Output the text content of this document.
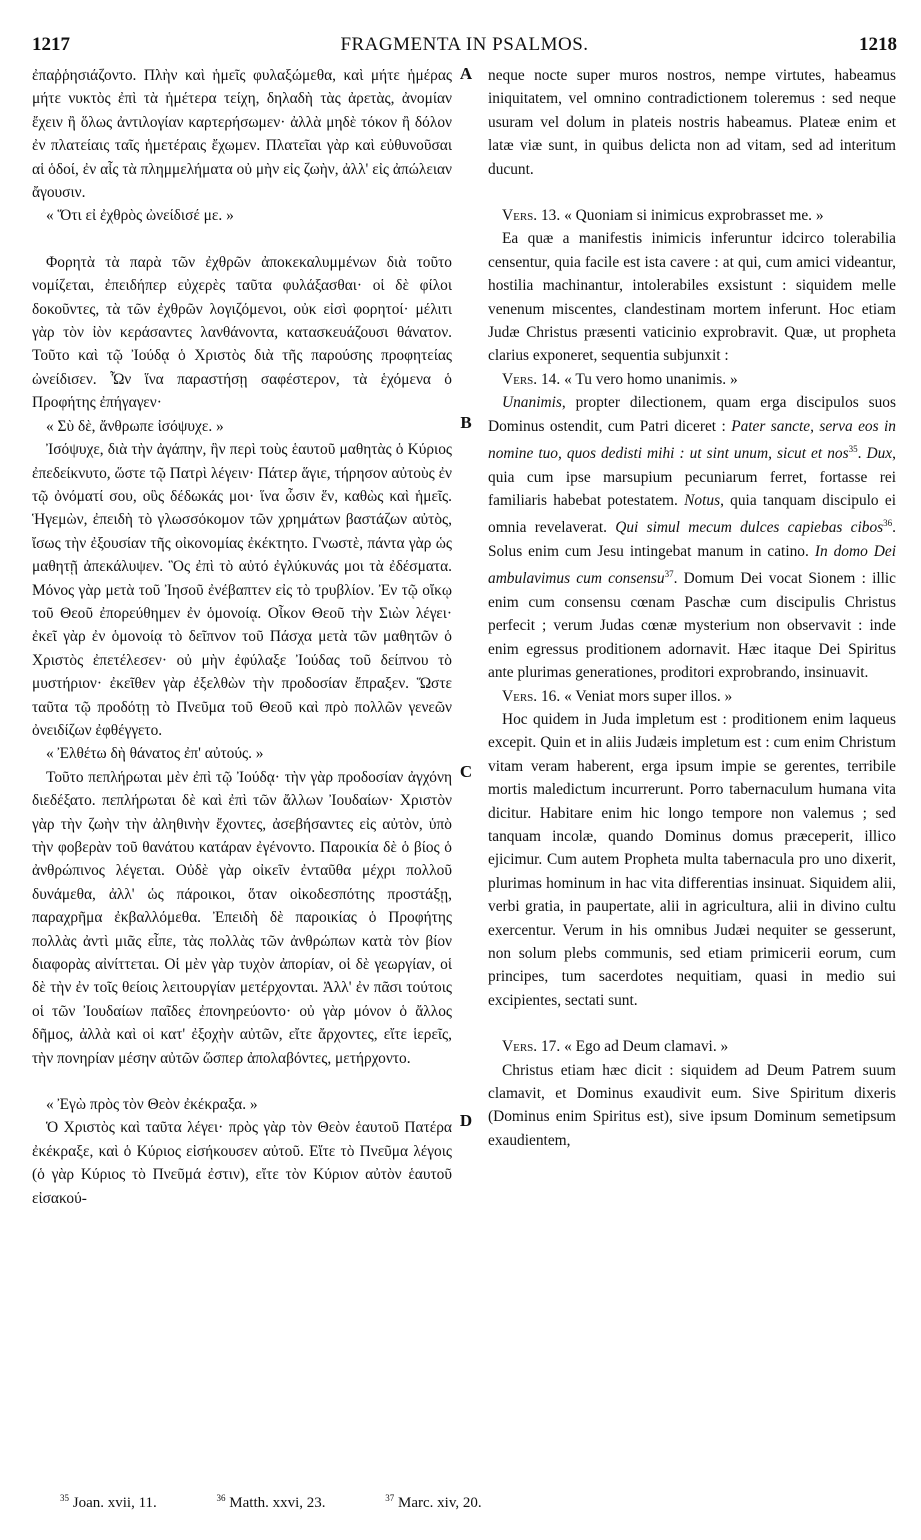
1217	FRAGMENTA IN PSALMOS.	1218

ἐπαῤῥησιάζοντο. Πλὴν καὶ ἡμεῖς φυλαξώμεθα, καὶ μήτε ἡμέρας μήτε νυκτὸς ἐπὶ τὰ ἡμέτερα τείχη, δηλαδὴ τὰς ἀρετὰς, ἀνομίαν ἔχειν ἢ ὅλως ἀντιλογίαν καρτερήσωμεν· ἀλλὰ μηδὲ τόκον ἢ δόλον ἐν πλατείαις ταῖς ἡμετέραις ἔχωμεν. Πλατεῖαι γὰρ καὶ εὐθυνοῦσαι αἱ ὁδοί, ἐν αἷς τὰ πλημμελήματα οὐ μὴν εἰς ζωὴν, ἀλλ' εἰς ἀπώλειαν ἄγουσιν.

« Ὅτι εἰ ἐχθρὸς ὠνείδισέ με. »

Φορητὰ τὰ παρὰ τῶν ἐχθρῶν ἀποκεκαλυμμένων διὰ τοῦτο νομίζεται, ἐπειδήπερ εὐχερὲς ταῦτα φυλάξασθαι· οἱ δὲ φίλοι δοκοῦντες, τὰ τῶν ἐχθρῶν λογιζόμενοι, οὐκ εἰσὶ φορητοί· μέλιτι γὰρ τὸν ἰὸν κεράσαντες λανθάνοντα, κατασκευάζουσι θάνατον. Τοῦτο καὶ τῷ Ἰούδᾳ ὁ Χριστὸς διὰ τῆς παρούσης προφητείας ὠνείδισεν. Ὧν ἵνα παραστήσῃ σαφέστερον, τὰ ἑχόμενα ὁ Προφήτης ἐπήγαγεν·

« Σὺ δὲ, ἄνθρωπε ἰσόψυχε. »

Ἰσόψυχε, διὰ τὴν ἀγάπην, ἣν περὶ τοὺς ἑαυτοῦ μαθητὰς ὁ Κύριος ἐπεδείκνυτο, ὥστε τῷ Πατρὶ λέγειν· Πάτερ ἅγιε, τήρησον αὐτοὺς ἐν τῷ ὀνόματί σου, οὓς δέδωκάς μοι· ἵνα ὦσιν ἕν, καθὼς καὶ ἡμεῖς. Ἡγεμὼν, ἐπειδὴ τὸ γλωσσόκομον τῶν χρημάτων βαστάζων αὐτὸς, ἴσως τὴν ἐξουσίαν τῆς οἰκονομίας ἐκέκτητο. Γνωστὲ, πάντα γὰρ ὡς μαθητῇ ἀπεκάλυψεν. Ὃς ἐπὶ τὸ αὐτό ἐγλύκυνάς μοι τὰ ἐδέσματα. Μόνος γὰρ μετὰ τοῦ Ἰησοῦ ἐνέβαπτεν εἰς τὸ τρυβλίον. Ἐν τῷ οἴκῳ τοῦ Θεοῦ ἐπορεύθημεν ἐν ὁμονοίᾳ. Οἶκον Θεοῦ τὴν Σιὼν λέγει· ἐκεῖ γὰρ ἐν ὁμονοίᾳ τὸ δεῖπνον τοῦ Πάσχα μετὰ τῶν μαθητῶν ὁ Χριστὸς ἐπετέλεσεν· οὐ μὴν ἐφύλαξε Ἰούδας τοῦ δείπνου τὸ μυστήριον· ἐκεῖθεν γὰρ ἐξελθὼν τὴν προδοσίαν ἔπραξεν. Ὥστε ταῦτα τῷ προδότῃ τὸ Πνεῦμα τοῦ Θεοῦ καὶ πρὸ πολλῶν γενεῶν ὀνειδίζων ἐφθέγγετο.

« Ἐλθέτω δὴ θάνατος ἐπ' αὐτούς. »

Τοῦτο πεπλήρωται μὲν ἐπὶ τῷ Ἰούδᾳ· τὴν γὰρ προδοσίαν ἀγχόνη διεδέξατο. πεπλήρωται δὲ καὶ ἐπὶ τῶν ἄλλων Ἰουδαίων· Χριστὸν γὰρ τὴν ζωὴν τὴν ἀληθινὴν ἔχοντες, ἀσεβήσαντες εἰς αὐτὸν, ὑπὸ τὴν φοβερὰν τοῦ θανάτου κατάραν ἐγένοντο. Παροικία δὲ ὁ βίος ὁ ἀνθρώπινος λέγεται. Οὐδὲ γὰρ οἰκεῖν ἐνταῦθα μέχρι πολλοῦ δυνάμεθα, ἀλλ' ὡς πάροικοι, ὅταν οἰκοδεσπότης προστάξῃ, παραχρῆμα ἐκβαλλόμεθα. Ἐπειδὴ δὲ παροικίας ὁ Προφήτης πολλὰς ἀντὶ μιᾶς εἶπε, τὰς πολλὰς τῶν ἀνθρώπων κατὰ τὸν βίον διαφορὰς αἰνίττεται. Οἱ μὲν γὰρ τυχὸν ἀπορίαν, οἱ δὲ γεωργίαν, οἱ δὲ τὴν ἐν τοῖς θείοις λειτουργίαν μετέρχονται. Ἀλλ' ἐν πᾶσι τούτοις οἱ τῶν Ἰουδαίων παῖδες ἐπονηρεύοντο· οὐ γὰρ μόνον ὁ ἄλλος δῆμος, ἀλλὰ καὶ οἱ κατ' ἐξοχὴν αὐτῶν, εἴτε ἄρχοντες, εἴτε ἱερεῖς, τὴν πονηρίαν μέσην αὐτῶν ὥσπερ ἀπολαβόντες, μετήρχοντο.

« Ἐγὼ πρὸς τὸν Θεὸν ἐκέκραξα. »

Ὁ Χριστὸς καὶ ταῦτα λέγει· πρὸς γὰρ τὸν Θεὸν ἑαυτοῦ Πατέρα ἐκέκραξε, καὶ ὁ Κύριος εἰσήκουσεν αὐτοῦ. Εἴτε τὸ Πνεῦμα λέγοις (ὁ γὰρ Κύριος τὸ Πνεῦμά ἐστιν), εἴτε τὸν Κύριον αὐτὸν ἑαυτοῦ εἰσακού-

A
B
C
D

neque nocte super muros nostros, nempe virtutes, habeamus iniquitatem, vel omnino contradictionem toleremus : sed neque usuram vel dolum in plateis nostris habeamus. Plateæ enim et latæ viæ sunt, in quibus delicta non ad vitam, sed ad interitum ducunt.

Vers. 13. « Quoniam si inimicus exprobrasset me. »

Ea quæ a manifestis inimicis inferuntur idcirco tolerabilia censentur, quia facile est ista cavere : at qui, cum amici videantur, hostilia machinantur, intolerabiles exsistunt : siquidem melle venenum miscentes, clandestinam mortem inferunt. Hoc etiam Judæ Christus præsenti vaticinio exprobravit. Quæ, ut propheta clarius exponeret, sequentia subjunxit :

Vers. 14. « Tu vero homo unanimis. »

Unanimis, propter dilectionem, quam erga discipulos suos Dominus ostendit, cum Patri diceret : Pater sancte, serva eos in nomine tuo, quos dedisti mihi : ut sint unum, sicut et nos$^{35}$. Dux, quia cum ipse marsupium pecuniarum ferret, fortasse rei familiaris habebat potestatem. Notus, quia tanquam discipulo ei omnia revelaverat. Qui simul mecum dulces capiebas cibos$^{36}$. Solus enim cum Jesu intingebat manum in catino. In domo Dei ambulavimus cum consensu$^{37}$. Domum Dei vocat Sionem : illic enim cum consensu cœnam Paschæ cum discipulis Christus perfecit ; verum Judas cœnæ mysterium non observavit : inde enim egressus proditionem adornavit. Hæc itaque Dei Spiritus ante plurimas generationes, proditori exprobrando, insinuavit.

Vers. 16. « Veniat mors super illos. »

Hoc quidem in Juda impletum est : proditionem enim laqueus excepit. Quin et in aliis Judæis impletum est : cum enim Christum vitam veram haberent, erga ipsum impie se gerentes, terribile mortis maledictum incurrerunt. Porro tabernaculum humana vita dicitur. Habitare enim hic longo tempore non valemus ; sed tanquam incolæ, quando Dominus domus præceperit, illico ejicimur. Cum autem Propheta multa tabernacula pro uno dixerit, plurimas hominum in hac vita differentias insinuat. Siquidem alii, verbi gratia, in paupertate, alii in agricultura, alii in divino cultu exercentur. Verum in his omnibus Judæi nequiter se gesserunt, non solum plebs communis, sed etiam primicerii eorum, cum principes, tum sacerdotes nequitiam, quasi in medio sui excipientes, sectati sunt.

Vers. 17. « Ego ad Deum clamavi. »

Christus etiam hæc dicit : siquidem ad Deum Patrem suum clamavit, et Dominus exaudivit eum. Sive Spiritum dixeris (Dominus enim Spiritus est), sive ipsum Dominum semetipsum exaudientem,

$^{35}$ Joan. xvii, 11.	$^{36}$ Matth. xxvi, 23.	$^{37}$ Marc. xiv, 20.
